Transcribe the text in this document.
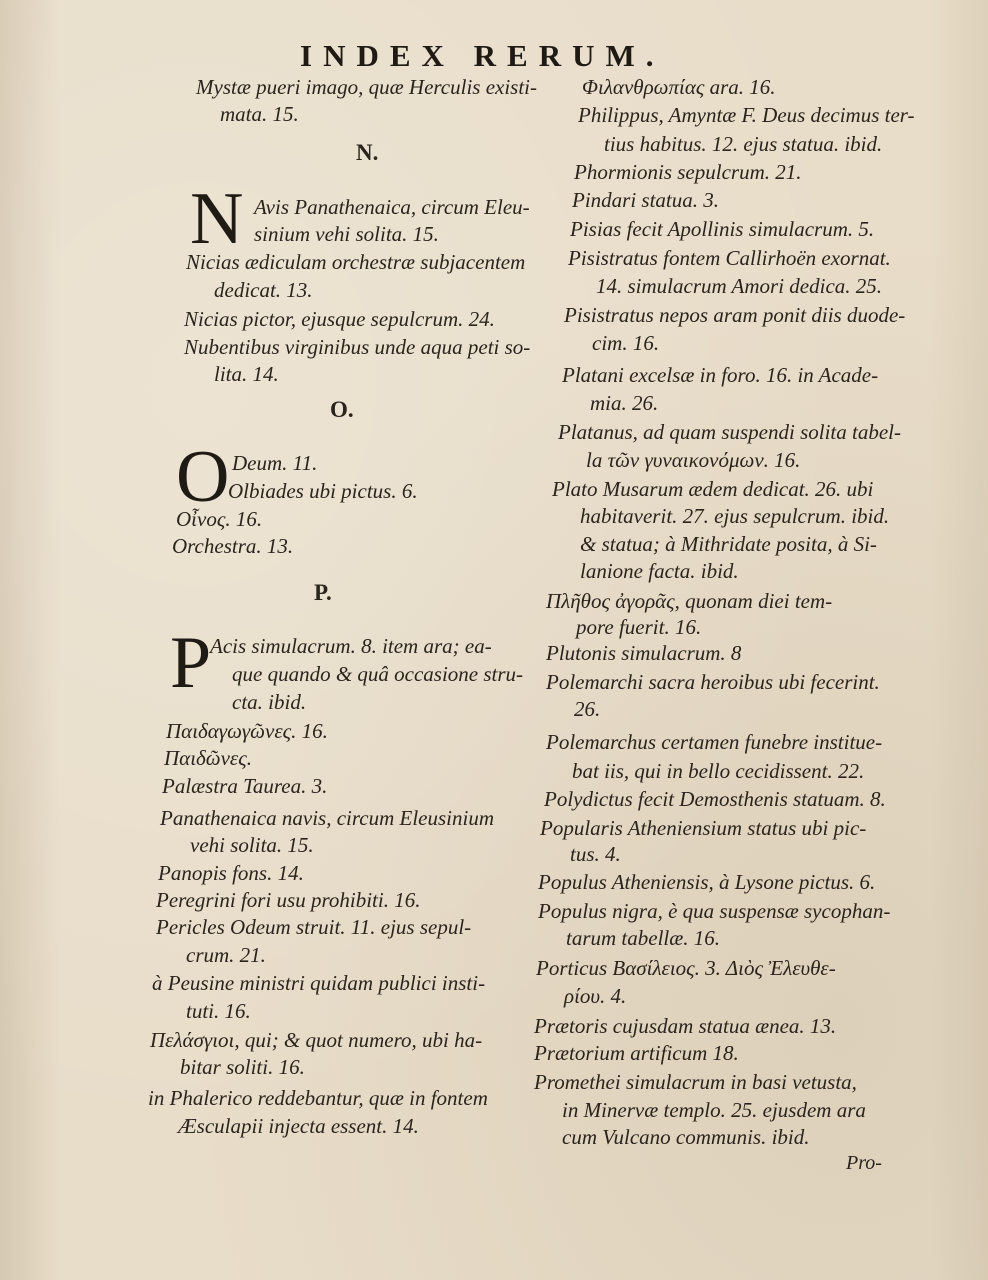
INDEX RERUM.
Mystæ pueri imago, quæ Herculis existi-
mata. 15.
N.
N Avis Panathenaica, circum Eleu-
sinium vehi solita. 15.
Nicias ædiculam orchestræ subjacentem
dedicat. 13.
Nicias pictor, ejusque sepulcrum. 24.
Nubentibus virginibus unde aqua peti so-
lita. 14.
O.
O Deum. 11.
Olbiades ubi pictus. 6.
Οἶνος. 16.
Orchestra. 13.
P.
P
Acis simulacrum. 8. item ara; ea-
que quando & quâ occasione stru-
cta. ibid.
Παιδαγωγῶνες. 16.
Παιδῶνες.
Palæstra Taurea. 3.
Panathenaica navis, circum Eleusinium
vehi solita. 15.
Panopis fons. 14.
Peregrini fori usu prohibiti. 16.
Pericles Odeum struit. 11. ejus sepul-
crum. 21.
à Peusine ministri quidam publici insti-
tuti. 16.
Πελάσγιοι, qui; & quot numero, ubi ha-
bitar soliti. 16.
in Phalerico reddebantur, quæ in fontem
Æsculapii injecta essent. 14.
Φιλανθρωπίας ara. 16.
Philippus, Amyntæ F. Deus decimus ter-
tius habitus. 12. ejus statua. ibid.
Phormionis sepulcrum. 21.
Pindari statua. 3.
Pisias fecit Apollinis simulacrum. 5.
Pisistratus fontem Callirhoën exornat.
14. simulacrum Amori dedica. 25.
Pisistratus nepos aram ponit diis duode-
cim. 16.
Platani excelsæ in foro. 16. in Acade-
mia. 26.
Platanus, ad quam suspendi solita tabel-
la τῶν γυναικονόμων. 16.
Plato Musarum ædem dedicat. 26. ubi
habitaverit. 27. ejus sepulcrum. ibid.
& statua; à Mithridate posita, à Si-
lanione facta. ibid.
Πλῆθος ἀγορᾶς, quonam diei tem-
pore fuerit. 16.
Plutonis simulacrum. 8
Polemarchi sacra heroibus ubi fecerint.
26.
Polemarchus certamen funebre institue-
bat iis, qui in bello cecidissent. 22.
Polydictus fecit Demosthenis statuam. 8.
Popularis Atheniensium status ubi pic-
tus. 4.
Populus Atheniensis, à Lysone pictus. 6.
Populus nigra, è qua suspensæ sycophan-
tarum tabellæ. 16.
Porticus Βασίλειος. 3. Διὸς Ἐλευθε-
ρίου. 4.
Prætoris cujusdam statua ænea. 13.
Prætorium artificum 18.
Promethei simulacrum in basi vetusta,
in Minervæ templo. 25. ejusdem ara
cum Vulcano communis. ibid.
Pro-
